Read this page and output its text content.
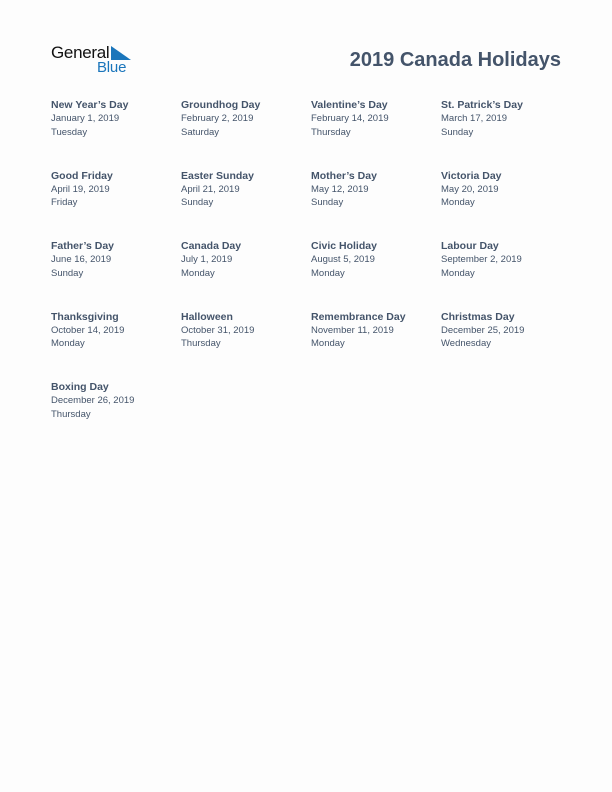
General
Blue	2019 Canada Holidays
New Year’s Day
January 1, 2019
Tuesday
Groundhog Day
February 2, 2019
Saturday
Valentine’s Day
February 14, 2019
Thursday
St. Patrick’s Day
March 17, 2019
Sunday
Good Friday
April 19, 2019
Friday
Easter Sunday
April 21, 2019
Sunday
Mother’s Day
May 12, 2019
Sunday
Victoria Day
May 20, 2019
Monday
Father’s Day
June 16, 2019
Sunday
Canada Day
July 1, 2019
Monday
Civic Holiday
August 5, 2019
Monday
Labour Day
September 2, 2019
Monday
Thanksgiving
October 14, 2019
Monday
Halloween
October 31, 2019
Thursday
Remembrance Day
November 11, 2019
Monday
Christmas Day
December 25, 2019
Wednesday
Boxing Day
December 26, 2019
Thursday
